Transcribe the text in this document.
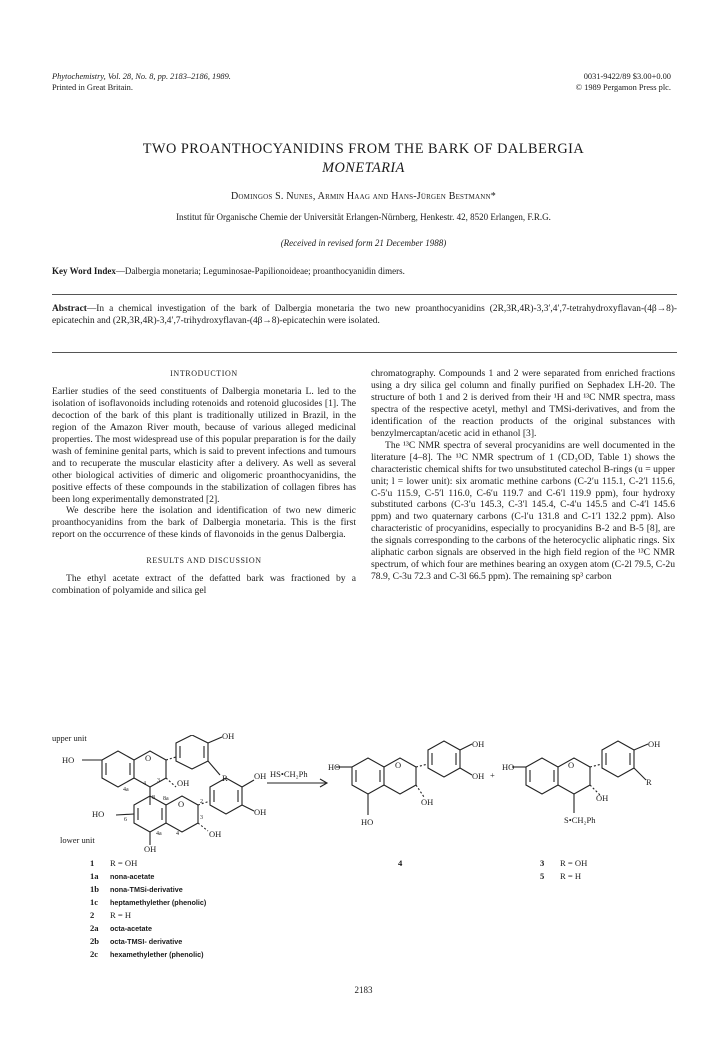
Phytochemistry, Vol. 28, No. 8, pp. 2183–2186, 1989.
Printed in Great Britain.
0031-9422/89 $3.00+0.00
© 1989 Pergamon Press plc.
TWO PROANTHOCYANIDINS FROM THE BARK OF DALBERGIA
MONETARIA
Domingos S. Nunes, Armin Haag and Hans-Jürgen Bestmann*
Institut für Organische Chemie der Universität Erlangen-Nürnberg, Henkestr. 42, 8520 Erlangen, F.R.G.
(Received in revised form 21 December 1988)
Key Word Index—Dalbergia monetaria; Leguminosae-Papilionoideae; proanthocyanidin dimers.
Abstract—In a chemical investigation of the bark of Dalbergia monetaria the two new proanthocyanidins (2R,3R,4R)-3,3′,4′,7-tetrahydroxyflavan-(4β→8)-epicatechin and (2R,3R,4R)-3,4′,7-trihydroxyflavan-(4β→8)-epicatechin were isolated.
INTRODUCTION

Earlier studies of the seed constituents of Dalbergia monetaria L. led to the isolation of isoflavonoids including rotenoids and rotenoid glucosides [1]. The decoction of the bark of this plant is traditionally utilized in Brazil, in the region of the Amazon River mouth, because of various alleged medicinal properties. The most widespread use of this popular preparation is for the daily wash of feminine genital parts, which is said to prevent infections and tumours and to recuperate the muscular elasticity after a delivery. As well as several other biological activities of dimeric and oligomeric proanthocyanidins, the positive effects of these compounds in the stabilization of collagen fibres has been long experimentally demonstrated [2].

We describe here the isolation and identification of two new dimeric proanthocyanidins from the bark of Dalbergia monetaria. This is the first report on the occurrence of these kinds of flavonoids in the genus Dalbergia.

RESULTS AND DISCUSSION

The ethyl acetate extract of the defatted bark was fractioned by a combination of polyamide and silica gel

chromatography. Compounds 1 and 2 were separated from enriched fractions using a dry silica gel column and finally purified on Sephadex LH-20. The structure of both 1 and 2 is derived from their ¹H and ¹³C NMR spectra, mass spectra of the respective acetyl, methyl and TMSi-derivatives, and from the identification of the reaction products of the original substances with benzylmercaptan/acetic acid in ethanol [3].

The ¹³C NMR spectra of several procyanidins are well documented in the literature [4–8]. The ¹³C NMR spectrum of 1 (CD₃OD, Table 1) shows the characteristic chemical shifts for two unsubstituted catechol B-rings (u = upper unit; l = lower unit): six aromatic methine carbons (C-2′u 115.1, C-2′l 115.6, C-5′u 115.9, C-5′l 116.0, C-6′u 119.7 and C-6′l 119.9 ppm), four hydroxy substituted carbons (C-3′u 145.3, C-3′l 145.4, C-4′u 145.5 and C-4′l 145.6 ppm) and two quaternary carbons (C-l′u 131.8 and C-1′l 132.2 ppm). Also characteristic of procyanidins, especially to procyanidins B-2 and B-5 [8], are the signals corresponding to the carbons of the heterocyclic aliphatic rings. Six aliphatic carbon signals are observed in the high field region of the ¹³C NMR spectrum, of which four are methines bearing an oxygen atom (C-2l 79.5, C-2u 78.9, C-3u 72.3 and C-3l 66.5 ppm). The remaining sp³ carbon

upper unit
lower unit
HO
OH
R
O
OH
HO
OH
OH
O
OH
OH
3
4
4a
8 8a	2
3
4
4a
6
HS•CH₂Ph
HO	O
OH
OH
OH
HO
+
HO	O
OH
R
OH
S•CH₂Ph
1 R = OH
1a nona-acetate
1b nona-TMSi-derivative
1c heptamethylether (phenolic)
2 R = H
2a octa-acetate
2b octa-TMSI- derivative
2c hexamethylether (phenolic)
4	3 R = OH
5 R = H
2183
